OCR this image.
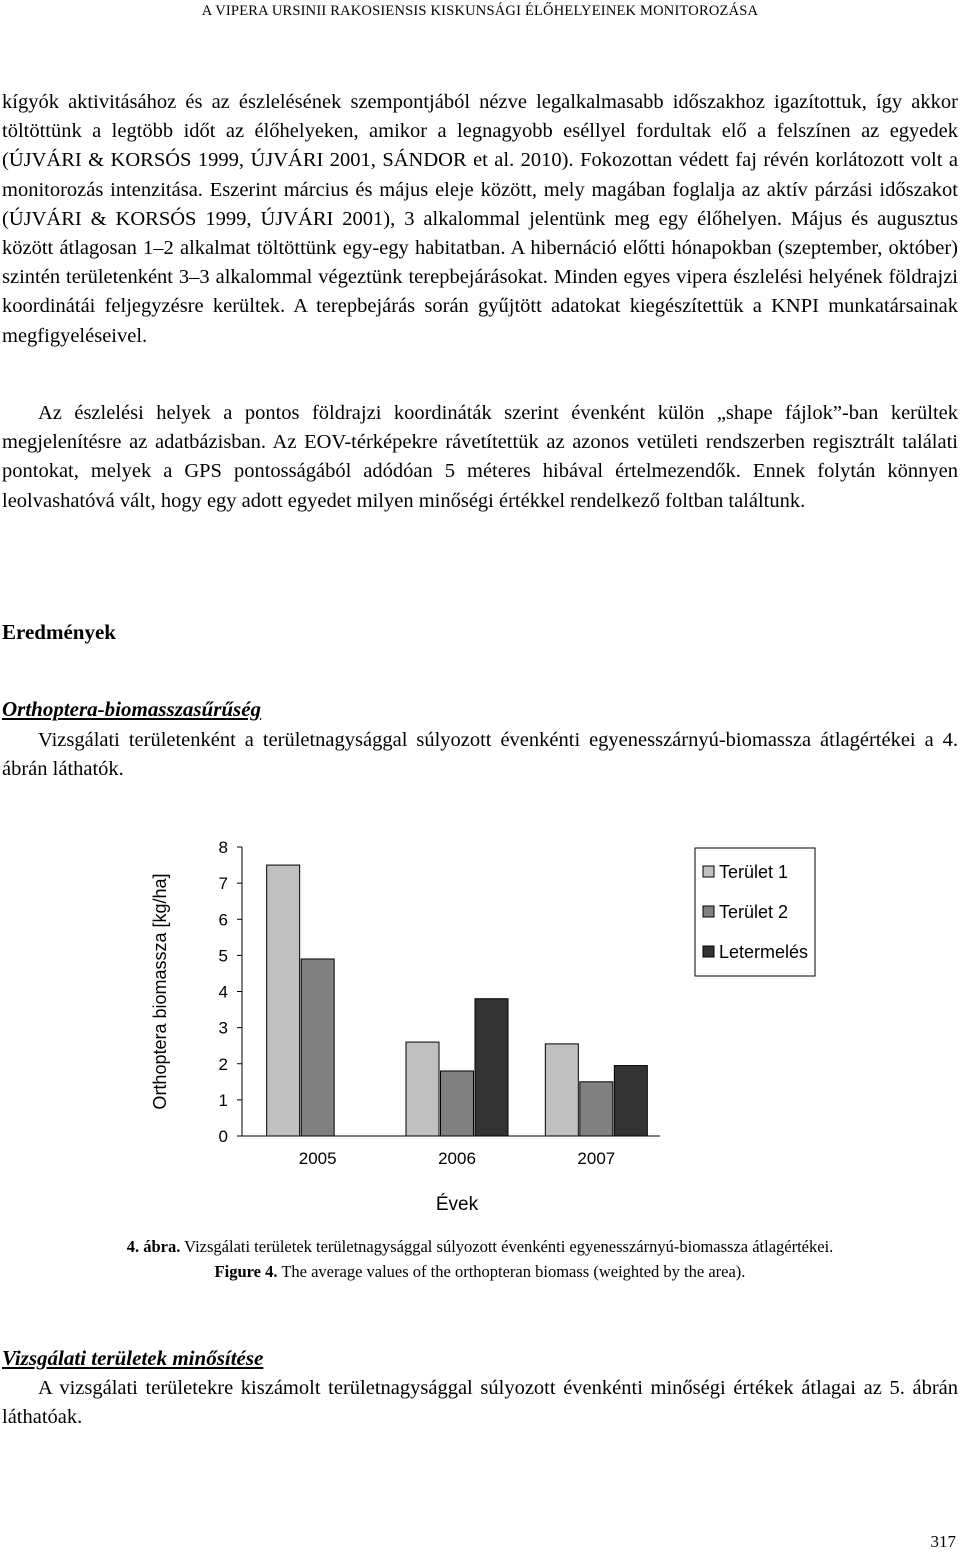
A VIPERA URSINII RAKOSIENSIS KISKUNSÁGI ÉLŐHELYEINEK MONITOROZÁSA

kígyók aktivitásához és az észlelésének szempontjából nézve legalkalmasabb időszakhoz igazítottuk, így akkor töltöttünk a legtöbb időt az élőhelyeken, amikor a legnagyobb eséllyel fordultak elő a felszínen az egyedek (ÚJVÁRI & KORSÓS 1999, ÚJVÁRI 2001, SÁNDOR et al. 2010). Fokozottan védett faj révén korlátozott volt a monitorozás intenzitása. Eszerint március és május eleje között, mely magában foglalja az aktív párzási időszakot (ÚJVÁRI & KORSÓS 1999, ÚJVÁRI 2001), 3 alkalommal jelentünk meg egy élőhelyen. Május és augusztus között átlagosan 1–2 alkalmat töltöttünk egy-egy habitatban. A hibernáció előtti hónapokban (szeptember, október) szintén területenként 3–3 alkalommal végeztünk terepbejárásokat. Minden egyes vipera észlelési helyének földrajzi koordinátái feljegyzésre kerültek. A terepbejárás során gyűjtött adatokat kiegészítettük a KNPI munkatársainak megfigyeléseivel.

Az észlelési helyek a pontos földrajzi koordináták szerint évenként külön „shape fájlok”-ban kerültek megjelenítésre az adatbázisban. Az EOV-térképekre rávetítettük az azonos vetületi rendszerben regisztrált találati pontokat, melyek a GPS pontosságából adódóan 5 méteres hibával értelmezendők. Ennek folytán könnyen leolvashatóvá vált, hogy egy adott egyedet milyen minőségi értékkel rendelkező foltban találtunk.

Eredmények
Orthoptera-biomasszasűrűség

Vizsgálati területenként a területnagysággal súlyozott évenkénti egyenesszárnyú-biomassza átlagértékei a 4. ábrán láthatók.

0
1
2
3
4
5
6
7
8
2005	2006	2007
Évek
Orthoptera biomassza [kg/ha]
Terület 1
Terület 2
Letermelés
4. ábra. Vizsgálati területek területnagysággal súlyozott évenkénti egyenesszárnyú-biomassza átlagértékei.
Figure 4. The average values of the orthopteran biomass (weighted by the area).
Vizsgálati területek minősítése

A vizsgálati területekre kiszámolt területnagysággal súlyozott évenkénti minőségi értékek átlagai az 5. ábrán láthatóak.

317
